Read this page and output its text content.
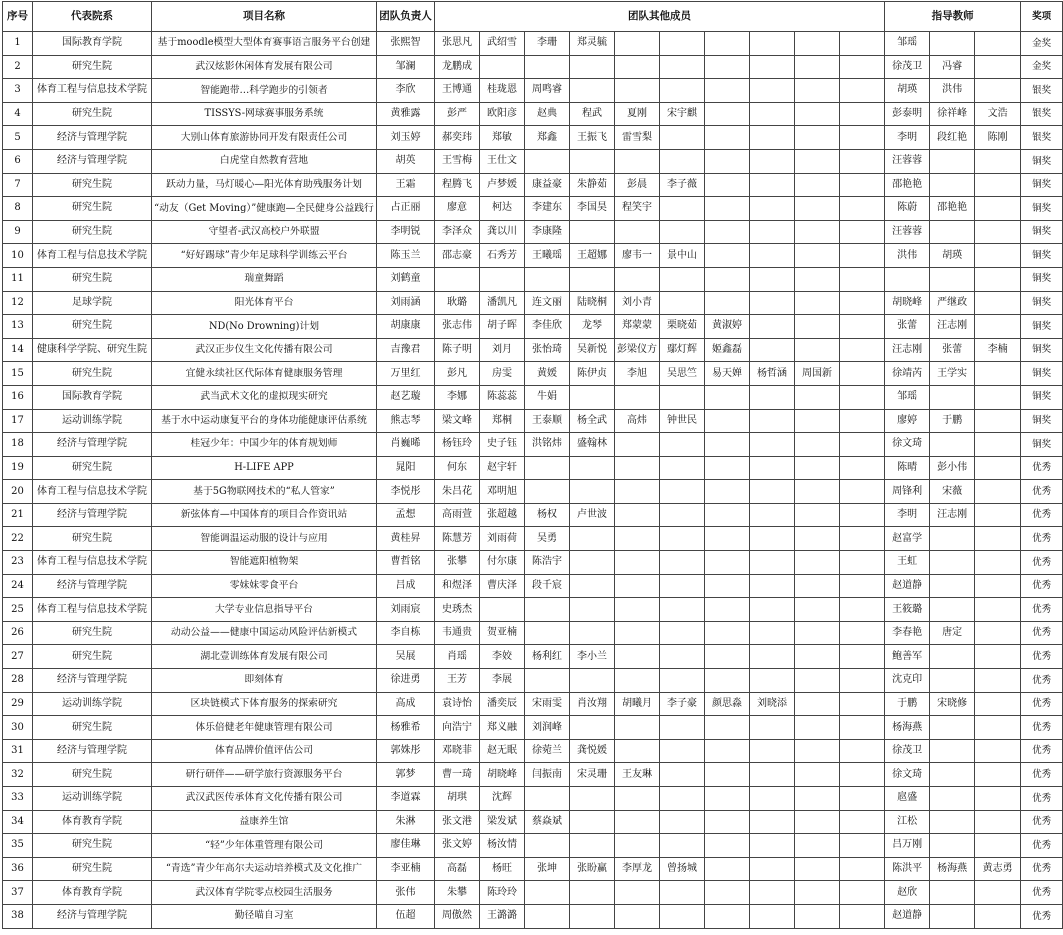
序号	代表院系	项目名称	团队负责人	团队其他成员										指导教师			奖项
1	国际教育学院	基于moodle模型大型体育赛事语言服务平台创建	张熙智	张思凡	武绍雪	李珊	郑灵毓							邹瑶			金奖
2	研究生院	武汉炫影休闲体育发展有限公司	邹澜	龙鹏成										徐茂卫	冯睿		金奖
3	体育工程与信息技术学院	智能跑带…科学跑步的引领者	李欣	王博通	桂珑恩	周鸣睿								胡瑛	洪伟		银奖
4	研究生院	TISSYS-网球赛事服务系统	黄雅露	彭严	欧阳彦	赵典	程武	夏刚	宋宇麒					彭泰明	徐祥峰	文浩	银奖
5	经济与管理学院	大别山体育旅游协同开发有限责任公司	刘玉婷	郝奕玮	郑敏	郑鑫	王振飞	雷雪梨						李明	段红艳	陈刚	银奖
6	经济与管理学院	白虎堂自然教育营地	胡英	王雪梅	王仕文									汪蓉蓉			铜奖
7	研究生院	跃动力量，马灯暖心—阳光体育助残服务计划	王霜	程腾飞	卢梦媛	康益豪	朱静茹	彭晨	李子薇					邵艳艳			铜奖
8	研究生院	“动友（Get Moving）”健康跑—全民健身公益践行	占正丽	廖意	柯达	李建东	李国昊	程笑宇						陈蔚	邵艳艳		铜奖
9	研究生院	守望者-武汉高校户外联盟	李明锐	李泽众	龚以川	李康隆								汪蓉蓉			铜奖
10	体育工程与信息技术学院	“好好踢球”青少年足球科学训练云平台	陈玉兰	邵志豪	石秀芳	王曦瑶	王超娜	廖韦一	景中山					洪伟	胡瑛		铜奖
11	研究生院	瑞童舞蹈	刘鹤童														铜奖
12	足球学院	阳光体育平台	刘雨涵	耿璐	潘凯凡	连文丽	陆晓桐	刘小青						胡晓峰	严继政		铜奖
13	研究生院	ND(No Drowning)计划	胡康康	张志伟	胡子晖	李佳欣	龙琴	郑蒙蒙	栗晓茹	黄淑婷				张蕾	汪志刚		铜奖
14	健康科学学院、研究生院	武汉正步仪生文化传播有限公司	吉豫君	陈子明	刘月	张怡琦	吴新悦	彭梁仪方	鄢灯辉	姬鑫磊				汪志刚	张蕾	李楠	铜奖
15	研究生院	宜健永续社区代际体育健康服务管理	万里红	彭凡	房雯	黄媛	陈伊贞	李旭	吴思竺	易天婵	杨哲涵	周国新		徐靖芮	王学实		铜奖
16	国际教育学院	武当武术文化的虚拟现实研究	赵艺璇	李娜	陈蕊蕊	牛娟								邹瑶			铜奖
17	运动训练学院	基于水中运动康复平台的身体功能健康评估系统	熊志琴	梁文峰	郑桐	王泰顺	杨全武	高炜	钟世民					廖婷	于鹏		铜奖
18	经济与管理学院	桂冠少年：中国少年的体育规划师	肖巍晞	杨钰玲	史子钰	洪铭炜	盛翰林							徐文琦			铜奖
19	研究生院	H-LIFE APP	晁阳	何东	赵宇轩									陈晴	彭小伟		优秀
20	体育工程与信息技术学院	基于5G物联网技术的“私人管家”	李悦彤	朱吕花	邓明旭									周锋利	宋薇		优秀
21	经济与管理学院	新弦体育—中国体育的项目合作资讯站	孟想	高雨萱	张超越	杨权	卢世波							李明	汪志刚		优秀
22	研究生院	智能调温运动服的设计与应用	黄桂昇	陈慧芳	刘雨荷	吴勇								赵富学			优秀
23	体育工程与信息技术学院	智能遮阳植物架	曹哲铭	张攀	付尔康	陈浩宇								王虹			优秀
24	经济与管理学院	零妹妹零食平台	吕成	和煜泽	曹庆泽	段千宸								赵道静			优秀
25	体育工程与信息技术学院	大学专业信息指导平台	刘雨宸	史琇杰										王筱璐			优秀
26	研究生院	动动公益——健康中国运动风险评估新模式	李自栋	韦通贵	贺亚楠									李春艳	唐定		优秀
27	研究生院	湖北壹训练体育发展有限公司	吴展	肖瑶	李姣	杨利红	李小兰							鲍善军			优秀
28	经济与管理学院	即刻体育	徐进勇	王芳	李展									沈克印			优秀
29	运动训练学院	区块链模式下体育服务的探索研究	高成	袁诗怡	潘奕辰	宋雨雯	肖汝翔	胡曦月	李子豪	颜思淼	刘晓添			于鹏	宋晓修		优秀
30	研究生院	体乐倍健老年健康管理有限公司	杨雅希	向浩宁	郑义融	刘润峰								杨海燕			优秀
31	经济与管理学院	体育品牌价值评估公司	郭姝彤	邓晓菲	赵无眠	徐菀兰	龚悦媛							徐茂卫			优秀
32	研究生院	研行研伴——研学旅行资源服务平台	郭梦	曹一琦	胡晓峰	闫振南	宋灵珊	王友琳						徐文琦			优秀
33	运动训练学院	武汉武医传承体育文化传播有限公司	李道霖	胡琪	沈辉									扈盛			优秀
34	体育教育学院	益康养生馆	朱淋	张文港	梁发斌	蔡焱斌								江松			优秀
35	研究生院	“轻”少年体重管理有限公司	廖佳琳	张文婷	杨汝情									吕万刚			优秀
36	研究生院	“青选”青少年高尔夫运动培养模式及文化推广	李亚楠	高磊	杨旺	张坤	张盼赢	李厚龙	曾扬城					陈洪平	杨海燕	黄志勇	优秀
37	体育教育学院	武汉体育学院零点校园生活服务	张伟	朱攀	陈玲玲									赵欣			优秀
38	经济与管理学院	勤径喵自习室	伍超	周傲然	王潞潞									赵道静			优秀
